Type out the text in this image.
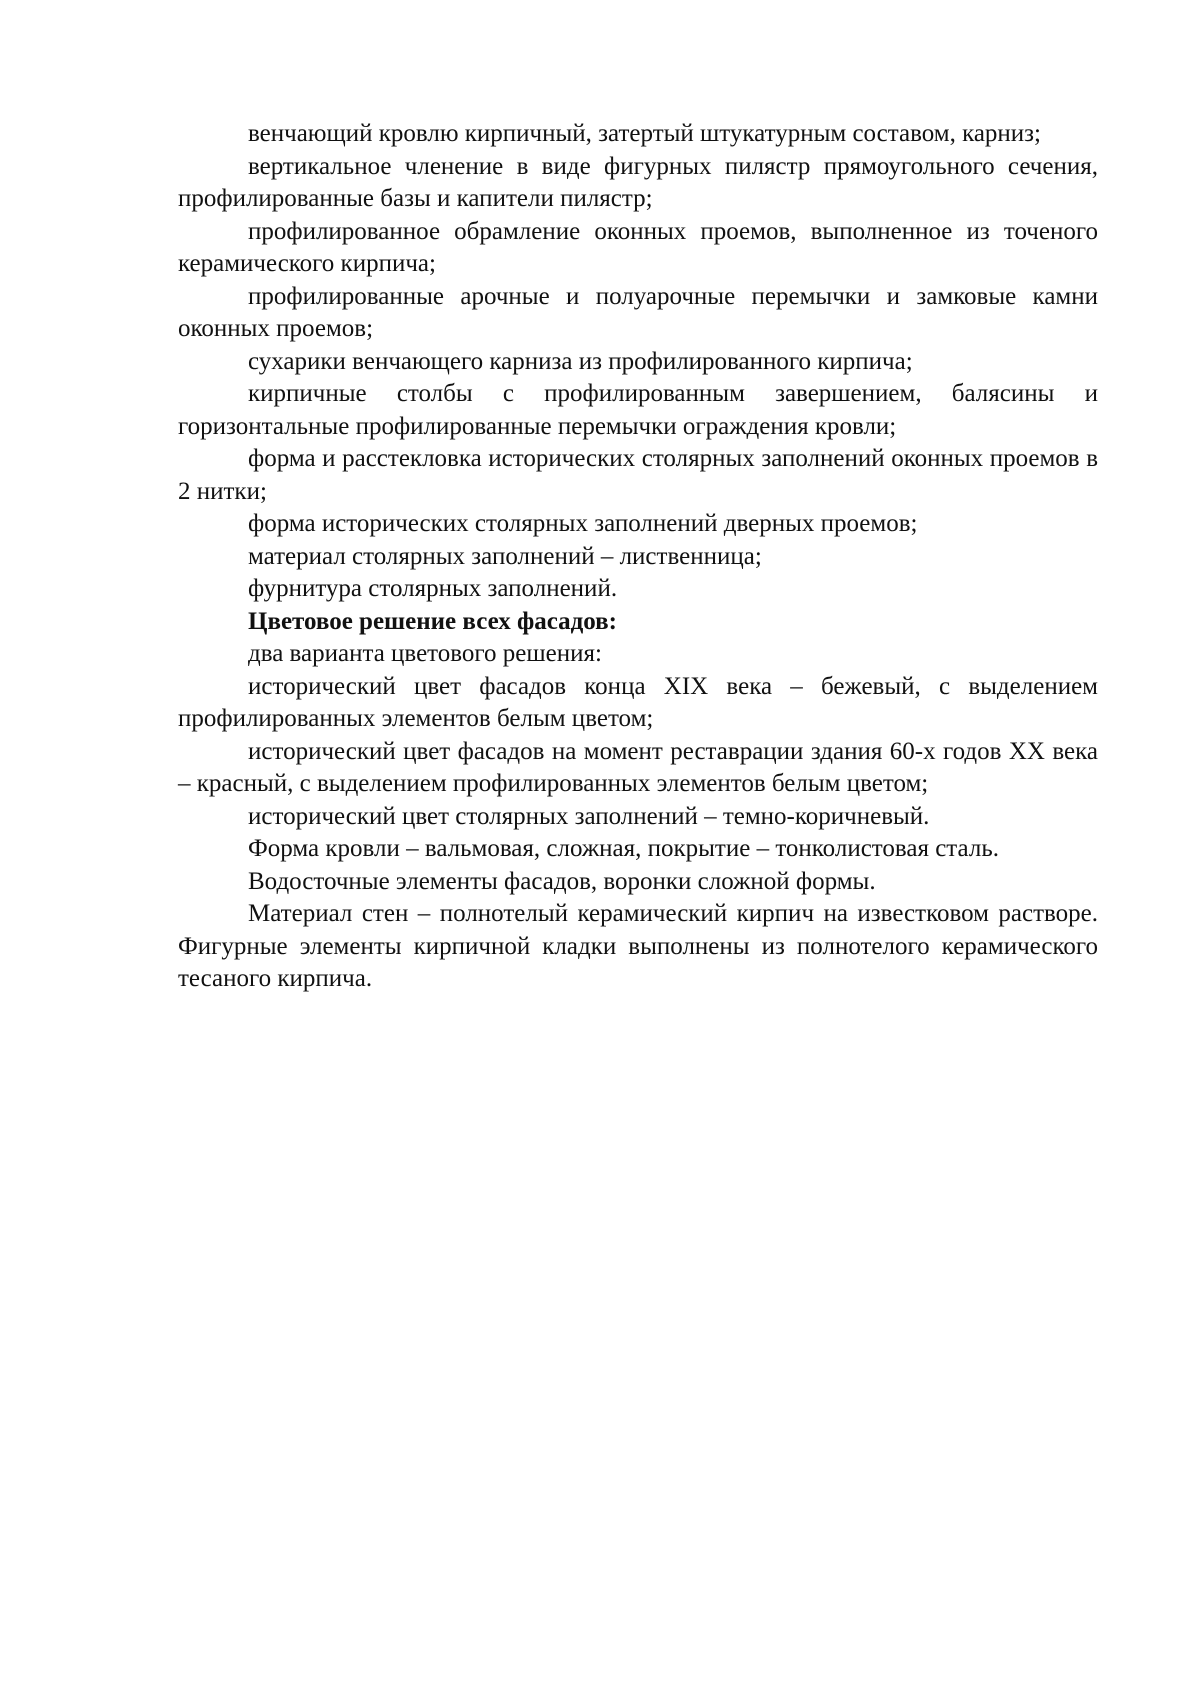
венчающий кровлю кирпичный, затертый штукатурным составом, карниз;

вертикальное членение в виде фигурных пилястр прямоугольного сечения, профилированные базы и капители пилястр;

профилированное обрамление оконных проемов, выполненное из точеного керамического кирпича;

профилированные арочные и полуарочные перемычки и замковые камни оконных проемов;

сухарики венчающего карниза из профилированного кирпича;

кирпичные столбы с профилированным завершением, балясины и горизонтальные профилированные перемычки ограждения кровли;

форма и расстекловка исторических столярных заполнений оконных проемов в 2 нитки;

форма исторических столярных заполнений дверных проемов;

материал столярных заполнений – лиственница;

фурнитура столярных заполнений.

Цветовое решение всех фасадов:

два варианта цветового решения:

исторический цвет фасадов конца XIX века – бежевый, с выделением профилированных элементов белым цветом;

исторический цвет фасадов на момент реставрации здания 60-х годов XX века – красный, с выделением профилированных элементов белым цветом;

исторический цвет столярных заполнений – темно-коричневый.

Форма кровли – вальмовая, сложная, покрытие – тонколистовая сталь.

Водосточные элементы фасадов, воронки сложной формы.

Материал стен – полнотелый керамический кирпич на известковом растворе. Фигурные элементы кирпичной кладки выполнены из полнотелого керамического тесаного кирпича.
